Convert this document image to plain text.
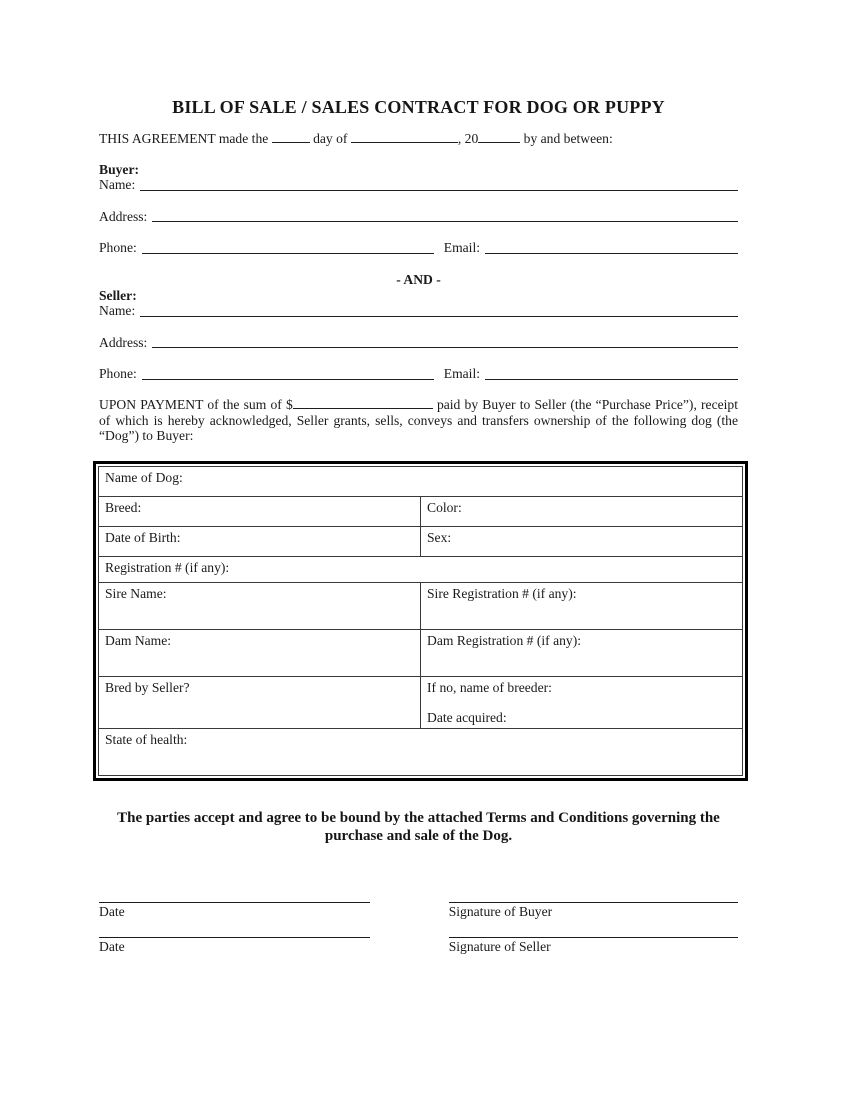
BILL OF SALE / SALES CONTRACT FOR DOG OR PUPPY
THIS AGREEMENT made the	day of	, 20	by and between:
Buyer:
Name:
Address:
Phone:	Email:
- AND -
Seller:
Name:
Address:
Phone:	Email:
UPON PAYMENT of the sum of $	paid by Buyer to Seller (the “Purchase Price”), receipt of which is hereby acknowledged, Seller grants, sells, conveys and transfers ownership of the following dog (the “Dog”) to Buyer:
Name of Dog:	
Breed:	Color:
Date of Birth:	Sex:
Registration # (if any):	
Sire Name:	Sire Registration # (if any):
Dam Name:	Dam Registration # (if any):
Bred by Seller?	If no, name of breeder:
Date acquired:

State of health:	
The parties accept and agree to be bound by the attached Terms and Conditions governing the purchase and sale of the Dog.
Date	Signature of Buyer
Date	Signature of Seller
